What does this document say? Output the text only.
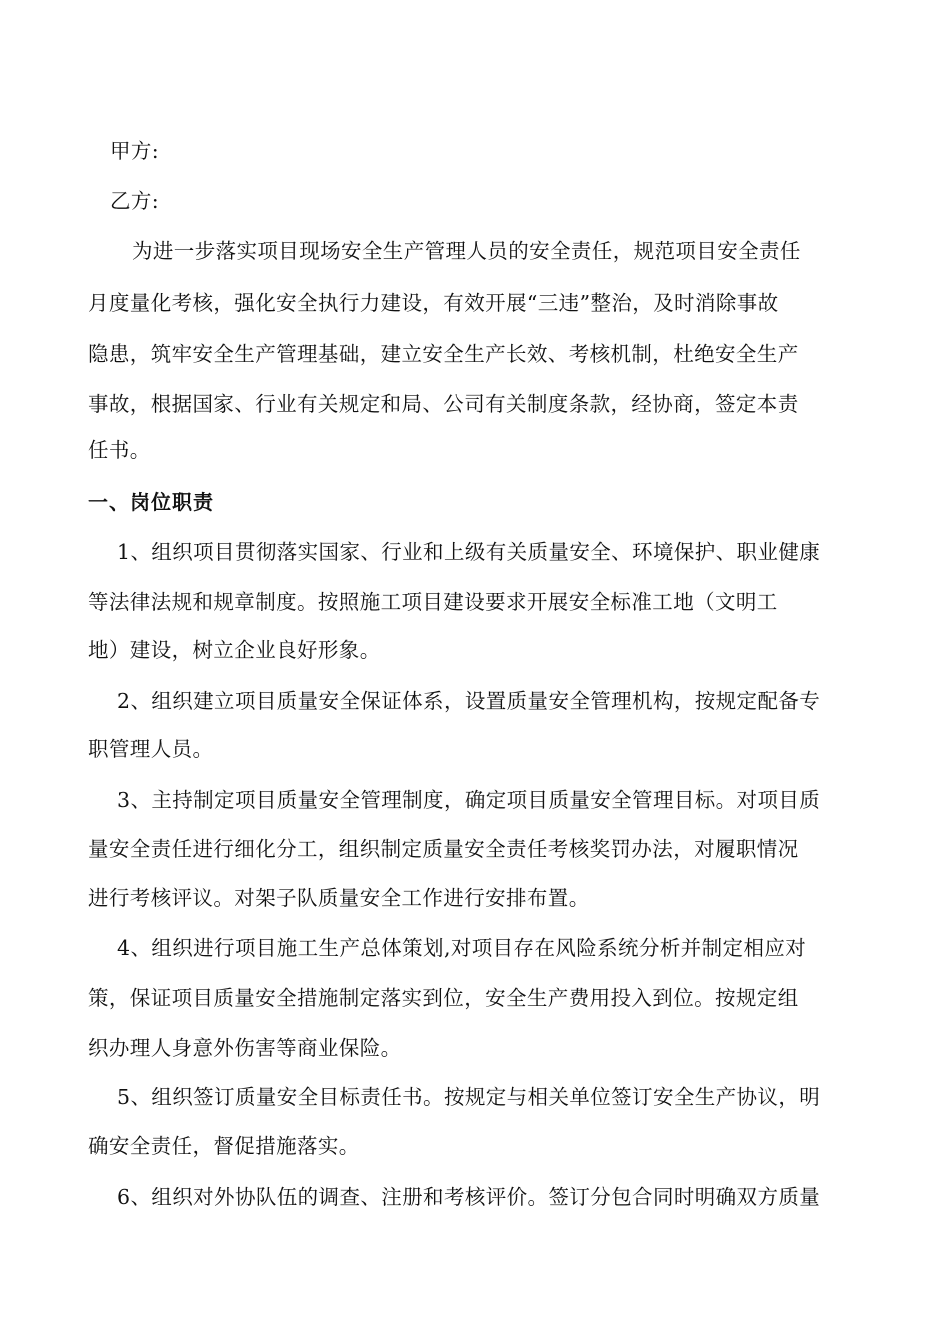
甲方:
乙方:
为进一步落实项目现场安全生产管理人员的安全责任，规范项目安全责任
月度量化考核，强化安全执行力建设，有效开展“三违”整治，及时消除事故
隐患，筑牢安全生产管理基础，建立安全生产长效、考核机制，杜绝安全生产
事故，根据国家、行业有关规定和局、公司有关制度条款，经协商，签定本责
任书。
一、岗位职责
1、组织项目贯彻落实国家、行业和上级有关质量安全、环境保护、职业健康
等法律法规和规章制度。按照施工项目建设要求开展安全标准工地（文明工
地）建设，树立企业良好形象。
2、组织建立项目质量安全保证体系，设置质量安全管理机构，按规定配备专
职管理人员。
3、主持制定项目质量安全管理制度，确定项目质量安全管理目标。对项目质
量安全责任进行细化分工，组织制定质量安全责任考核奖罚办法，对履职情况
进行考核评议。对架子队质量安全工作进行安排布置。
4、组织进行项目施工生产总体策划,对项目存在风险系统分析并制定相应对
策，保证项目质量安全措施制定落实到位，安全生产费用投入到位。按规定组
织办理人身意外伤害等商业保险。
5、组织签订质量安全目标责任书。按规定与相关单位签订安全生产协议，明
确安全责任，督促措施落实。
6、组织对外协队伍的调查、注册和考核评价。签订分包合同时明确双方质量
